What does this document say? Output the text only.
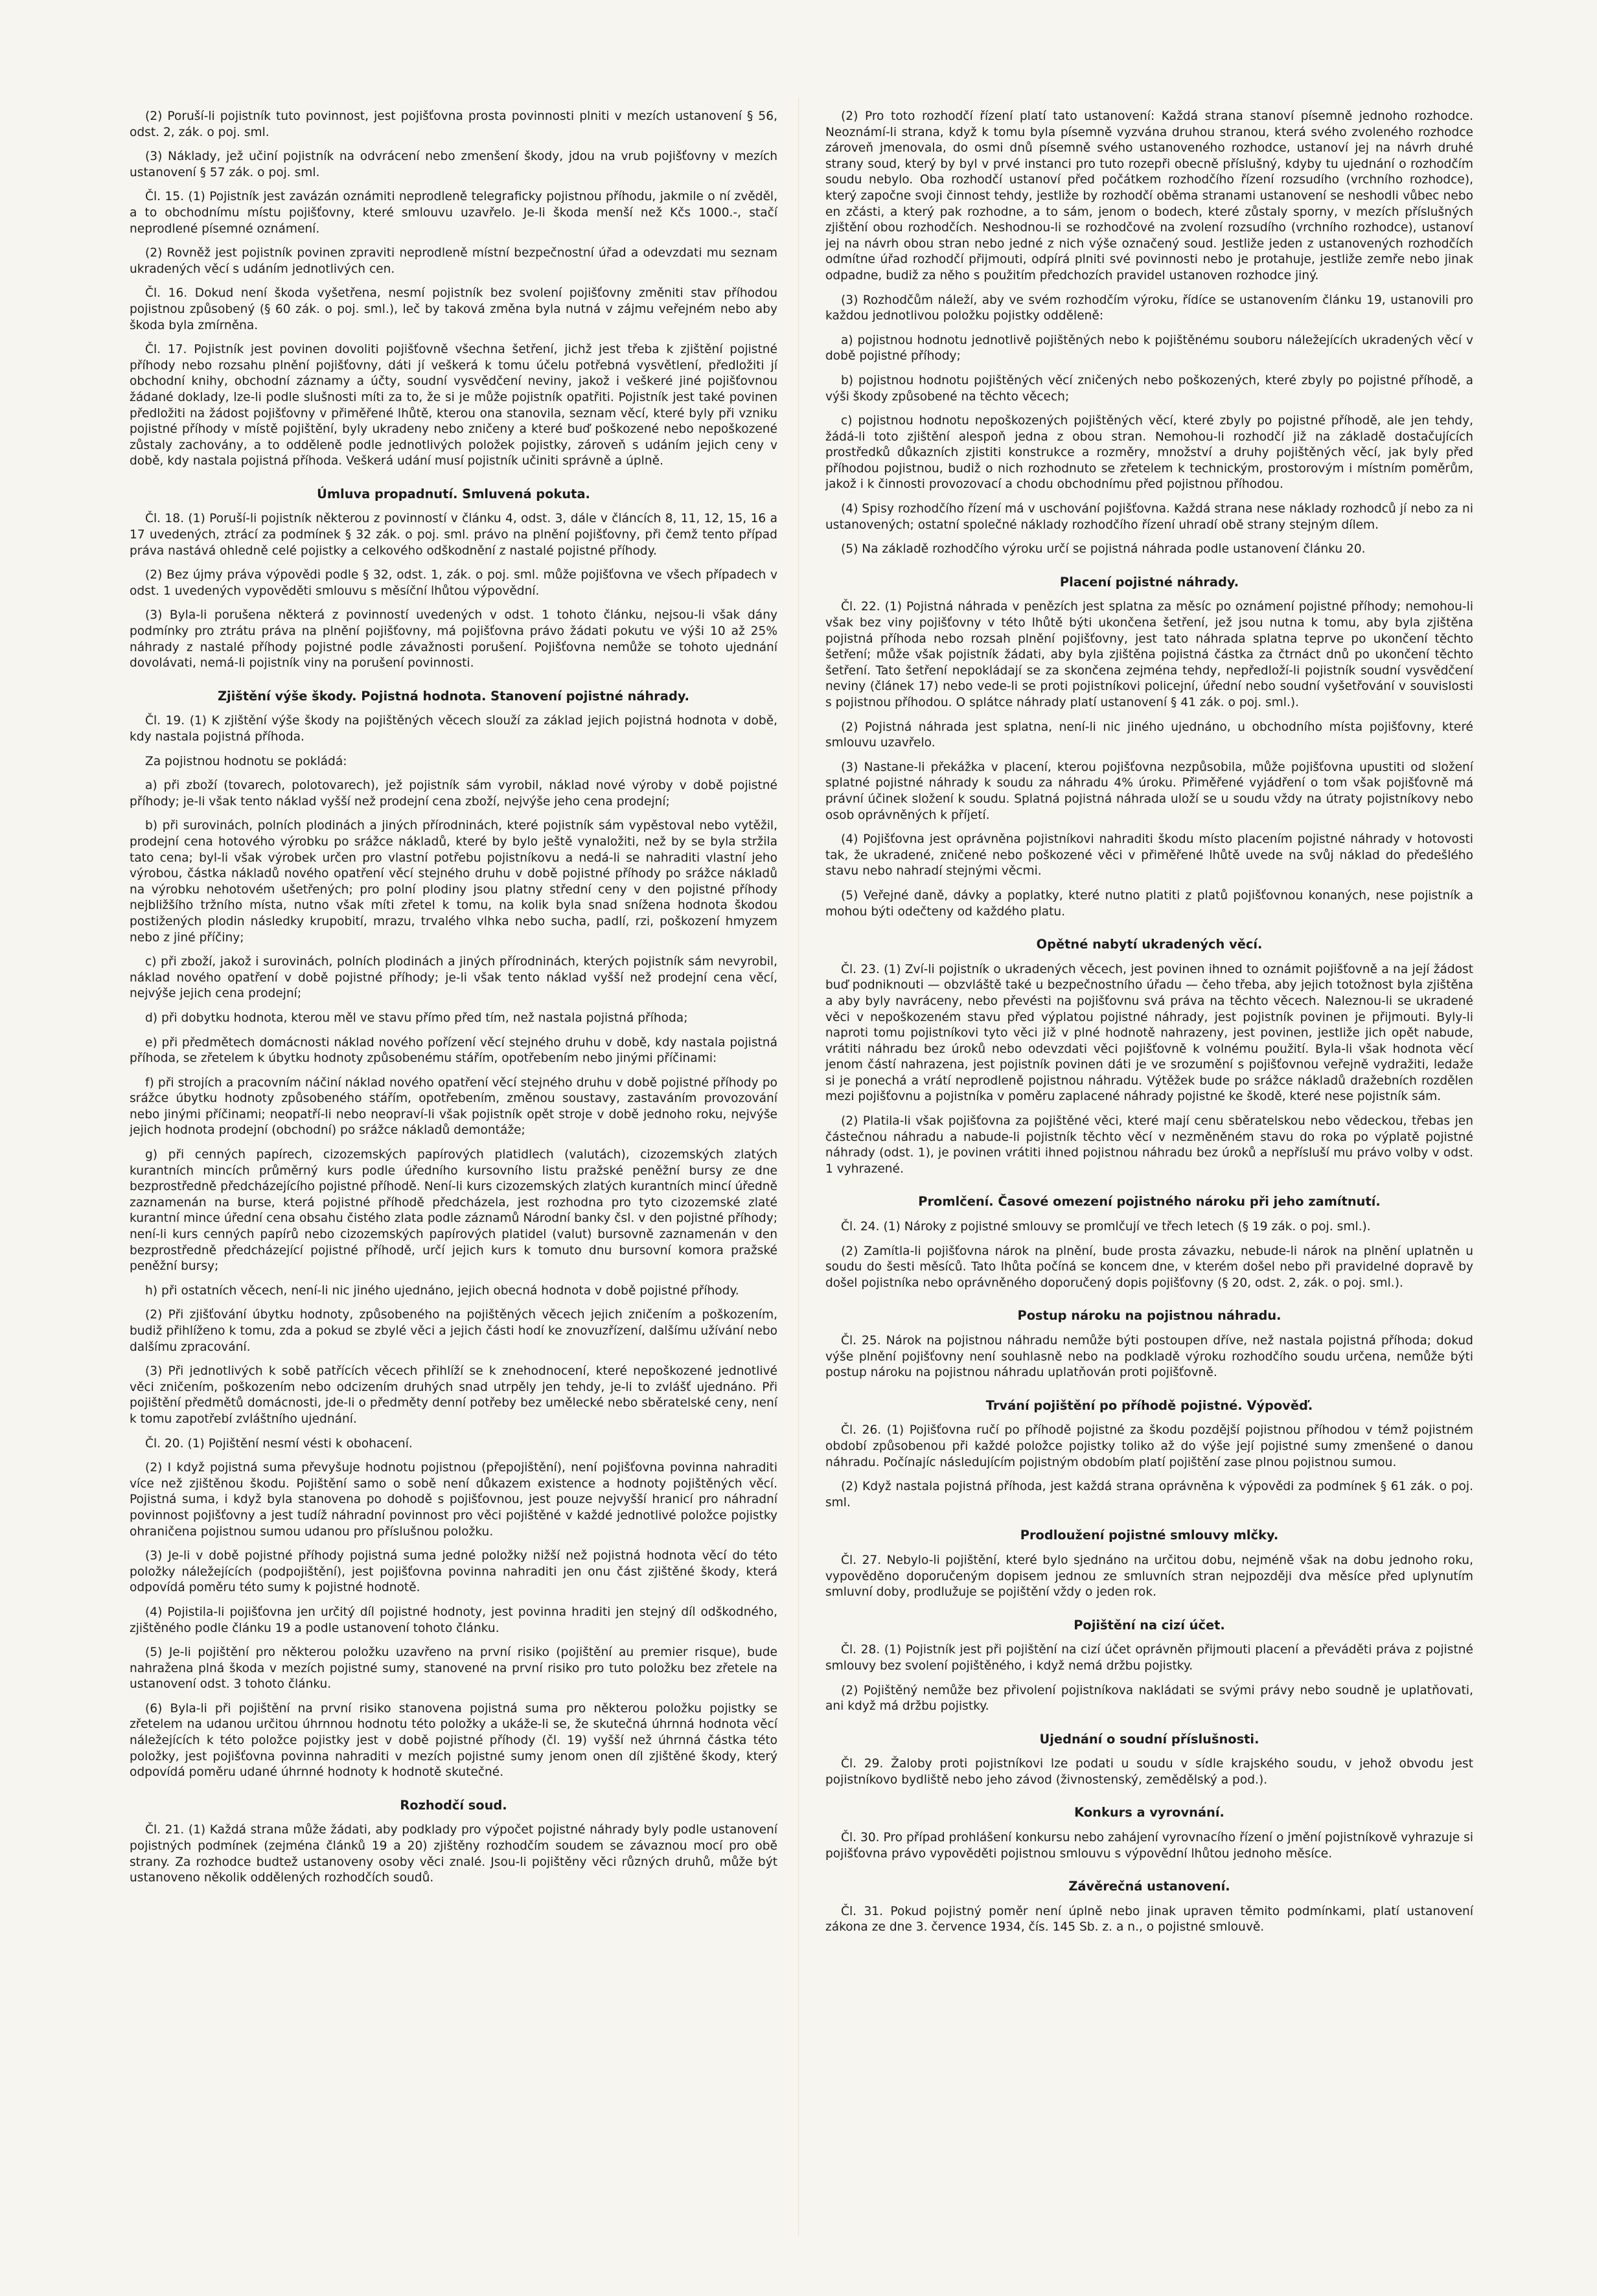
(2) Poruší-li pojistník tuto povinnost, jest pojišťovna prosta povinnosti plniti v mezích ustanovení § 56, odst. 2, zák. o poj. sml.

(3) Náklady, jež učiní pojistník na odvrácení nebo zmenšení škody, jdou na vrub pojišťovny v mezích ustanovení § 57 zák. o poj. sml.

Čl. 15. (1) Pojistník jest zavázán oznámiti neprodleně telegraficky pojistnou příhodu, jakmile o ní zvěděl, a to obchodnímu místu pojišťovny, které smlouvu uzavřelo. Je-li škoda menší než Kčs 1000.-, stačí neprodlené písemné oznámení.

(2) Rovněž jest pojistník povinen zpraviti neprodleně místní bezpečnostní úřad a odevzdati mu seznam ukradených věcí s udáním jednotlivých cen.

Čl. 16. Dokud není škoda vyšetřena, nesmí pojistník bez svolení pojišťovny změniti stav příhodou pojistnou způsobený (§ 60 zák. o poj. sml.), leč by taková změna byla nutná v zájmu veřejném nebo aby škoda byla zmírněna.

Čl. 17. Pojistník jest povinen dovoliti pojišťovně všechna šetření, jichž jest třeba k zjištění pojistné příhody nebo rozsahu plnění pojišťovny, dáti jí veškerá k tomu účelu potřebná vysvětlení, předložiti jí obchodní knihy, obchodní záznamy a účty, soudní vysvědčení neviny, jakož i veškeré jiné pojišťovnou žádané doklady, lze-li podle slušnosti míti za to, že si je může pojistník opatřiti. Pojistník jest také povinen předložiti na žádost pojišťovny v přiměřené lhůtě, kterou ona stanovila, seznam věcí, které byly při vzniku pojistné příhody v místě pojištění, byly ukradeny nebo zničeny a které buď poškozené nebo nepoškozené zůstaly zachovány, a to odděleně podle jednotlivých položek pojistky, zároveň s udáním jejich ceny v době, kdy nastala pojistná příhoda. Veškerá udání musí pojistník učiniti správně a úplně.

Úmluva propadnutí. Smluvená pokuta.

Čl. 18. (1) Poruší-li pojistník některou z povinností v článku 4, odst. 3, dále v článcích 8, 11, 12, 15, 16 a 17 uvedených, ztrácí za podmínek § 32 zák. o poj. sml. právo na plnění pojišťovny, při čemž tento případ práva nastává ohledně celé pojistky a celkového odškodnění z nastalé pojistné příhody.

(2) Bez újmy práva výpovědi podle § 32, odst. 1, zák. o poj. sml. může pojišťovna ve všech případech v odst. 1 uvedených vypověděti smlouvu s měsíční lhůtou výpovědní.

(3) Byla-li porušena některá z povinností uvedených v odst. 1 tohoto článku, nejsou-li však dány podmínky pro ztrátu práva na plnění pojišťovny, má pojišťovna právo žádati pokutu ve výši 10 až 25% náhrady z nastalé příhody pojistné podle závažnosti porušení. Pojišťovna nemůže se tohoto ujednání dovolávati, nemá-li pojistník viny na porušení povinnosti.

Zjištění výše škody. Pojistná hodnota. Stanovení pojistné náhrady.

Čl. 19. (1) K zjištění výše škody na pojištěných věcech slouží za základ jejich pojistná hodnota v době, kdy nastala pojistná příhoda.

Za pojistnou hodnotu se pokládá:

a) při zboží (tovarech, polotovarech), jež pojistník sám vyrobil, náklad nové výroby v době pojistné příhody; je-li však tento náklad vyšší než prodejní cena zboží, nejvýše jeho cena prodejní;

b) při surovinách, polních plodinách a jiných přírodninách, které pojistník sám vypěstoval nebo vytěžil, prodejní cena hotového výrobku po srážce nákladů, které by bylo ještě vynaložiti, než by se byla stržila tato cena; byl-li však výrobek určen pro vlastní potřebu pojistníkovu a nedá-li se nahraditi vlastní jeho výrobou, částka nákladů nového opatření věcí stejného druhu v době pojistné příhody po srážce nákladů na výrobku nehotovém ušetřených; pro polní plodiny jsou platny střední ceny v den pojistné příhody nejbližšího tržního místa, nutno však míti zřetel k tomu, na kolik byla snad snížena hodnota škodou postižených plodin následky krupobití, mrazu, trvalého vlhka nebo sucha, padlí, rzi, poškození hmyzem nebo z jiné příčiny;

c) při zboží, jakož i surovinách, polních plodinách a jiných přírodninách, kterých pojistník sám nevyrobil, náklad nového opatření v době pojistné příhody; je-li však tento náklad vyšší než prodejní cena věcí, nejvýše jejich cena prodejní;

d) při dobytku hodnota, kterou měl ve stavu přímo před tím, než nastala pojistná příhoda;

e) při předmětech domácnosti náklad nového pořízení věcí stejného druhu v době, kdy nastala pojistná příhoda, se zřetelem k úbytku hodnoty způsobenému stářím, opotřebením nebo jinými příčinami:

f) při strojích a pracovním náčiní náklad nového opatření věcí stejného druhu v době pojistné příhody po srážce úbytku hodnoty způsobeného stářím, opotřebením, změnou soustavy, zastaváním provozování nebo jinými příčinami; neopatří-li nebo neopraví-li však pojistník opět stroje v době jednoho roku, nejvýše jejich hodnota prodejní (obchodní) po srážce nákladů demontáže;

g) při cenných papírech, cizozemských papírových platidlech (valutách), cizozemských zlatých kurantních mincích průměrný kurs podle úředního kursovního listu pražské peněžní bursy ze dne bezprostředně předcházejícího pojistné příhodě. Není-li kurs cizozemských zlatých kurantních mincí úředně zaznamenán na burse, která pojistné příhodě předcházela, jest rozhodna pro tyto cizozemské zlaté kurantní mince úřední cena obsahu čistého zlata podle záznamů Národní banky čsl. v den pojistné příhody; není-li kurs cenných papírů nebo cizozemských papírových platidel (valut) bursovně zaznamenán v den bezprostředně předcházející pojistné příhodě, určí jejich kurs k tomuto dnu bursovní komora pražské peněžní bursy;

h) při ostatních věcech, není-li nic jiného ujednáno, jejich obecná hodnota v době pojistné příhody.

(2) Při zjišťování úbytku hodnoty, způsobeného na pojištěných věcech jejich zničením a poškozením, budiž přihlíženo k tomu, zda a pokud se zbylé věci a jejich části hodí ke znovuzřízení, dalšímu užívání nebo dalšímu zpracování.

(3) Při jednotlivých k sobě patřících věcech přihlíží se k znehodnocení, které nepoškozené jednotlivé věci zničením, poškozením nebo odcizením druhých snad utrpěly jen tehdy, je-li to zvlášť ujednáno. Při pojištění předmětů domácnosti, jde-li o předměty denní potřeby bez umělecké nebo sběratelské ceny, není k tomu zapotřebí zvláštního ujednání.

Čl. 20. (1) Pojištění nesmí vésti k obohacení.

(2) I když pojistná suma převyšuje hodnotu pojistnou (přepojištění), není pojišťovna povinna nahraditi více než zjištěnou škodu. Pojištění samo o sobě není důkazem existence a hodnoty pojištěných věcí. Pojistná suma, i když byla stanovena po dohodě s pojišťovnou, jest pouze nejvyšší hranicí pro náhradní povinnost pojišťovny a jest tudíž náhradní povinnost pro věci pojištěné v každé jednotlivé položce pojistky ohraničena pojistnou sumou udanou pro příslušnou položku.

(3) Je-li v době pojistné příhody pojistná suma jedné položky nižší než pojistná hodnota věcí do této položky náležejících (podpojištění), jest pojišťovna povinna nahraditi jen onu část zjištěné škody, která odpovídá poměru této sumy k pojistné hodnotě.

(4) Pojistila-li pojišťovna jen určitý díl pojistné hodnoty, jest povinna hraditi jen stejný díl odškodného, zjištěného podle článku 19 a podle ustanovení tohoto článku.

(5) Je-li pojištění pro některou položku uzavřeno na první risiko (pojištění au premier risque), bude nahražena plná škoda v mezích pojistné sumy, stanovené na první risiko pro tuto položku bez zřetele na ustanovení odst. 3 tohoto článku.

(6) Byla-li při pojištění na první risiko stanovena pojistná suma pro některou položku pojistky se zřetelem na udanou určitou úhrnnou hodnotu této položky a ukáže-li se, že skutečná úhrnná hodnota věcí náležejících k této položce pojistky jest v době pojistné příhody (čl. 19) vyšší než úhrnná částka této položky, jest pojišťovna povinna nahraditi v mezích pojistné sumy jenom onen díl zjištěné škody, který odpovídá poměru udané úhrnné hodnoty k hodnotě skutečné.

Rozhodčí soud.

Čl. 21. (1) Každá strana může žádati, aby podklady pro výpočet pojistné náhrady byly podle ustanovení pojistných podmínek (zejména článků 19 a 20) zjištěny rozhodčím soudem se závaznou mocí pro obě strany. Za rozhodce budtež ustanoveny osoby věci znalé. Jsou-li pojištěny věci různých druhů, může být ustanoveno několik oddělených rozhodčích soudů.

(2) Pro toto rozhodčí řízení platí tato ustanovení: Každá strana stanoví písemně jednoho rozhodce. Neoznámí-li strana, když k tomu byla písemně vyzvána druhou stranou, která svého zvoleného rozhodce zároveň jmenovala, do osmi dnů písemně svého ustanoveného rozhodce, ustanoví jej na návrh druhé strany soud, který by byl v prvé instanci pro tuto rozepři obecně příslušný, kdyby tu ujednání o rozhodčím soudu nebylo. Oba rozhodčí ustanoví před počátkem rozhodčího řízení rozsudího (vrchního rozhodce), který započne svoji činnost tehdy, jestliže by rozhodčí oběma stranami ustanovení se neshodli vůbec nebo en zčásti, a který pak rozhodne, a to sám, jenom o bodech, které zůstaly sporny, v mezích příslušných zjištění obou rozhodčích. Neshodnou-li se rozhodčové na zvolení rozsudího (vrchního rozhodce), ustanoví jej na návrh obou stran nebo jedné z nich výše označený soud. Jestliže jeden z ustanovených rozhodčích odmítne úřad rozhodčí přijmouti, odpírá plniti své povinnosti nebo je protahuje, jestliže zemře nebo jinak odpadne, budiž za něho s použitím předchozích pravidel ustanoven rozhodce jiný.

(3) Rozhodčům náleží, aby ve svém rozhodčím výroku, řídíce se ustanovením článku 19, ustanovili pro každou jednotlivou položku pojistky odděleně:

a) pojistnou hodnotu jednotlivě pojištěných nebo k pojištěnému souboru náležejících ukradených věcí v době pojistné příhody;

b) pojistnou hodnotu pojištěných věcí zničených nebo poškozených, které zbyly po pojistné příhodě, a výši škody způsobené na těchto věcech;

c) pojistnou hodnotu nepoškozených pojištěných věcí, které zbyly po pojistné příhodě, ale jen tehdy, žádá-li toto zjištění alespoň jedna z obou stran. Nemohou-li rozhodčí již na základě dostačujících prostředků důkazních zjistiti konstrukce a rozměry, množství a druhy pojištěných věcí, jak byly před příhodou pojistnou, budiž o nich rozhodnuto se zřetelem k technickým, prostorovým i místním poměrům, jakož i k činnosti provozovací a chodu obchodnímu před pojistnou příhodou.

(4) Spisy rozhodčího řízení má v uschování pojišťovna. Každá strana nese náklady rozhodců jí nebo za ni ustanovených; ostatní společné náklady rozhodčího řízení uhradí obě strany stejným dílem.

(5) Na základě rozhodčího výroku určí se pojistná náhrada podle ustanovení článku 20.

Placení pojistné náhrady.

Čl. 22. (1) Pojistná náhrada v penězích jest splatna za měsíc po oznámení pojistné příhody; nemohou-li však bez viny pojišťovny v této lhůtě býti ukončena šetření, jež jsou nutna k tomu, aby byla zjištěna pojistná příhoda nebo rozsah plnění pojišťovny, jest tato náhrada splatna teprve po ukončení těchto šetření; může však pojistník žádati, aby byla zjištěna pojistná částka za čtrnáct dnů po ukončení těchto šetření. Tato šetření nepokládají se za skončena zejména tehdy, nepředloží-li pojistník soudní vysvědčení neviny (článek 17) nebo vede-li se proti pojistníkovi policejní, úřední nebo soudní vyšetřování v souvislosti s pojistnou příhodou. O splátce náhrady platí ustanovení § 41 zák. o poj. sml.).

(2) Pojistná náhrada jest splatna, není-li nic jiného ujednáno, u obchodního místa pojišťovny, které smlouvu uzavřelo.

(3) Nastane-li překážka v placení, kterou pojišťovna nezpůsobila, může pojišťovna upustiti od složení splatné pojistné náhrady k soudu za náhradu 4% úroku. Přiměřené vyjádření o tom však pojišťovně má právní účinek složení k soudu. Splatná pojistná náhrada uloží se u soudu vždy na útraty pojistníkovy nebo osob oprávněných k příjetí.

(4) Pojišťovna jest oprávněna pojistníkovi nahraditi škodu místo placením pojistné náhrady v hotovosti tak, že ukradené, zničené nebo poškozené věci v přiměřené lhůtě uvede na svůj náklad do předešlého stavu nebo nahradí stejnými věcmi.

(5) Veřejné daně, dávky a poplatky, které nutno platiti z platů pojišťovnou konaných, nese pojistník a mohou býti odečteny od každého platu.

Opětné nabytí ukradených věcí.

Čl. 23. (1) Zví-li pojistník o ukradených věcech, jest povinen ihned to oznámit pojišťovně a na její žádost buď podniknouti — obzvláště také u bezpečnostního úřadu — čeho třeba, aby jejich totožnost byla zjištěna a aby byly navráceny, nebo převésti na pojišťovnu svá práva na těchto věcech. Naleznou-li se ukradené věci v nepoškozeném stavu před výplatou pojistné náhrady, jest pojistník povinen je přijmouti. Byly-li naproti tomu pojistníkovi tyto věci již v plné hodnotě nahrazeny, jest povinen, jestliže jich opět nabude, vrátiti náhradu bez úroků nebo odevzdati věci pojišťovně k volnému použití. Byla-li však hodnota věcí jenom částí nahrazena, jest pojistník povinen dáti je ve srozumění s pojišťovnou veřejně vydražiti, ledaže si je ponechá a vrátí neprodleně pojistnou náhradu. Výtěžek bude po srážce nákladů dražebních rozdělen mezi pojišťovnu a pojistníka v poměru zaplacené náhrady pojistné ke škodě, které nese pojistník sám.

(2) Platila-li však pojišťovna za pojištěné věci, které mají cenu sběratelskou nebo vědeckou, třebas jen částečnou náhradu a nabude-li pojistník těchto věcí v nezměněném stavu do roka po výplatě pojistné náhrady (odst. 1), je povinen vrátiti ihned pojistnou náhradu bez úroků a nepřísluší mu právo volby v odst. 1 vyhrazené.

Promlčení. Časové omezení pojistného nároku při jeho zamítnutí.

Čl. 24. (1) Nároky z pojistné smlouvy se promlčují ve třech letech (§ 19 zák. o poj. sml.).

(2) Zamítla-li pojišťovna nárok na plnění, bude prosta závazku, nebude-li nárok na plnění uplatněn u soudu do šesti měsíců. Tato lhůta počíná se koncem dne, v kterém došel nebo při pravidelné dopravě by došel pojistníka nebo oprávněného doporučený dopis pojišťovny (§ 20, odst. 2, zák. o poj. sml.).

Postup nároku na pojistnou náhradu.

Čl. 25. Nárok na pojistnou náhradu nemůže býti postoupen dříve, než nastala pojistná příhoda; dokud výše plnění pojišťovny není souhlasně nebo na podkladě výroku rozhodčího soudu určena, nemůže býti postup nároku na pojistnou náhradu uplatňován proti pojišťovně.

Trvání pojištění po příhodě pojistné. Výpověď.

Čl. 26. (1) Pojišťovna ručí po příhodě pojistné za škodu pozdější pojistnou příhodou v témž pojistném období způsobenou při každé položce pojistky toliko až do výše její pojistné sumy zmenšené o danou náhradu. Počínajíc následujícím pojistným obdobím platí pojištění zase plnou pojistnou sumou.

(2) Když nastala pojistná příhoda, jest každá strana oprávněna k výpovědi za podmínek § 61 zák. o poj. sml.

Prodloužení pojistné smlouvy mlčky.

Čl. 27. Nebylo-li pojištění, které bylo sjednáno na určitou dobu, nejméně však na dobu jednoho roku, vypověděno doporučeným dopisem jednou ze smluvních stran nejpozději dva měsíce před uplynutím smluvní doby, prodlužuje se pojištění vždy o jeden rok.

Pojištění na cizí účet.

Čl. 28. (1) Pojistník jest při pojištění na cizí účet oprávněn přijmouti placení a převáděti práva z pojistné smlouvy bez svolení pojištěného, i když nemá držbu pojistky.

(2) Pojištěný nemůže bez přivolení pojistníkova nakládati se svými právy nebo soudně je uplatňovati, ani když má držbu pojistky.

Ujednání o soudní příslušnosti.

Čl. 29. Žaloby proti pojistníkovi lze podati u soudu v sídle krajského soudu, v jehož obvodu jest pojistníkovo bydliště nebo jeho závod (živnostenský, zemědělský a pod.).

Konkurs a vyrovnání.

Čl. 30. Pro případ prohlášení konkursu nebo zahájení vyrovnacího řízení o jmění pojistníkově vyhrazuje si pojišťovna právo vypověděti pojistnou smlouvu s výpovědní lhůtou jednoho měsíce.

Závěrečná ustanovení.

Čl. 31. Pokud pojistný poměr není úplně nebo jinak upraven těmito podmínkami, platí ustanovení zákona ze dne 3. července 1934, čís. 145 Sb. z. a n., o pojistné smlouvě.
